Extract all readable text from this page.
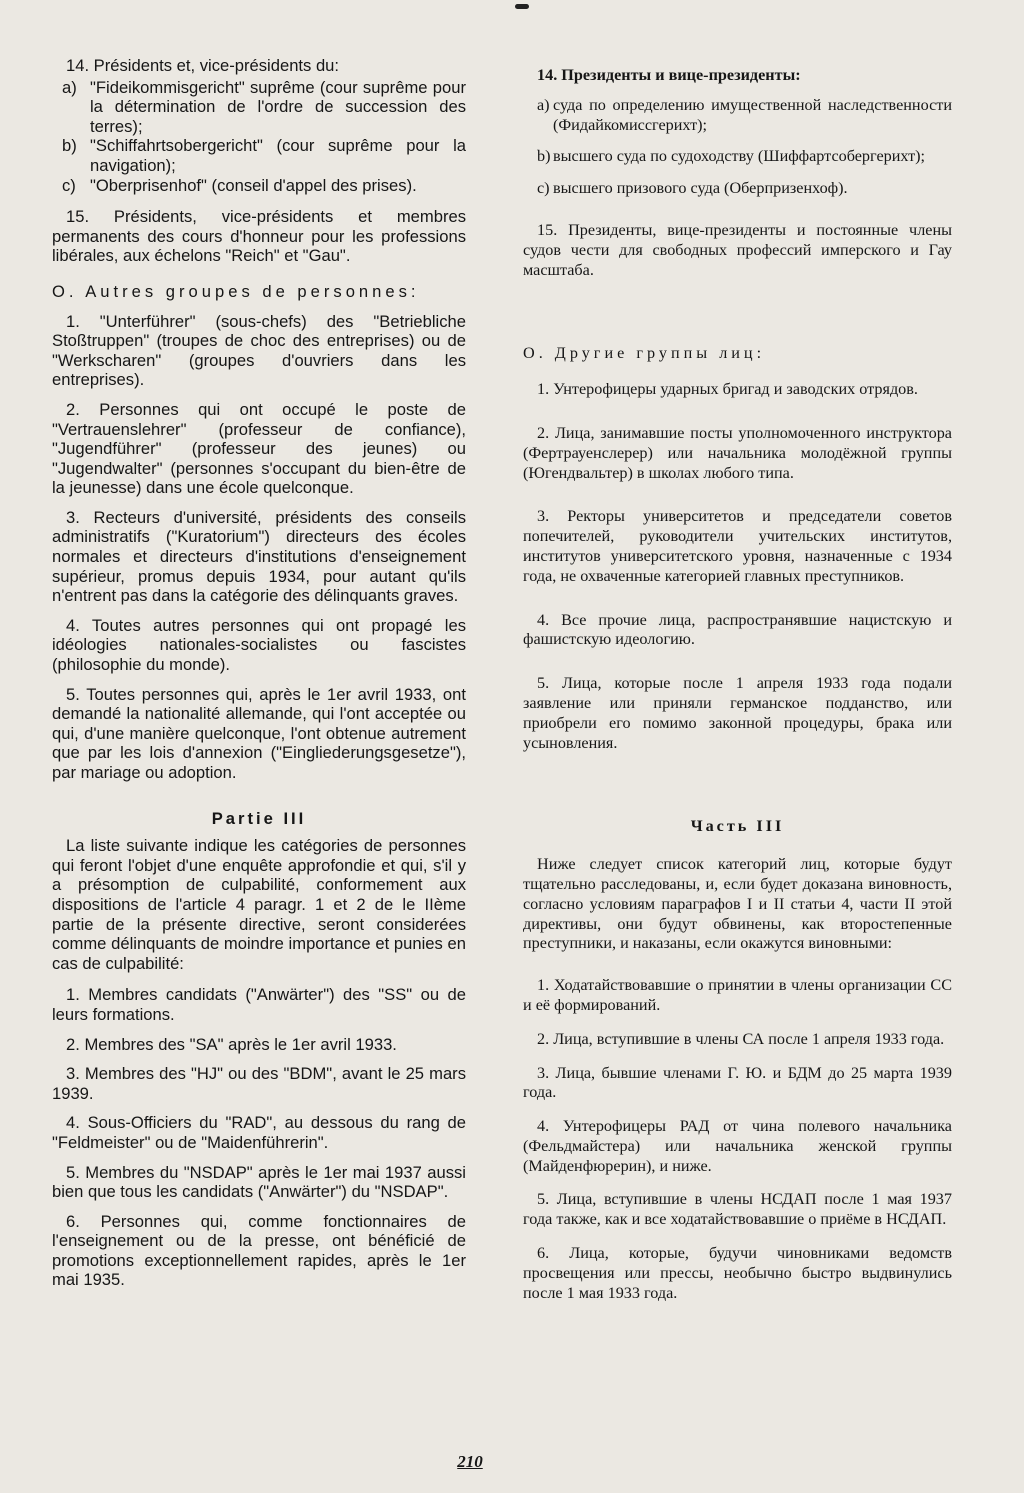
14. Présidents et, vice-présidents du:

a) "Fideikommisgericht" suprême (cour suprême pour la détermination de l'ordre de succession des terres);
b) "Schiffahrtsobergericht" (cour suprême pour la navigation);
c) "Oberprisenhof" (conseil d'appel des prises).

15. Présidents, vice-présidents et membres permanents des cours d'honneur pour les professions libérales, aux échelons "Reich" et "Gau".

O. Autres groupes de personnes:

1. "Unterführer" (sous-chefs) des "Betriebliche Stoßtruppen" (troupes de choc des entreprises) ou de "Werkscharen" (groupes d'ouvriers dans les entreprises).

2. Personnes qui ont occupé le poste de "Vertrauenslehrer" (professeur de confiance), "Jugendführer" (professeur des jeunes) ou "Jugendwalter" (personnes s'occupant du bien-être de la jeunesse) dans une école quelconque.

3. Recteurs d'université, présidents des conseils administratifs ("Kuratorium") directeurs des écoles normales et directeurs d'institutions d'enseignement supérieur, promus depuis 1934, pour autant qu'ils n'entrent pas dans la catégorie des délinquants graves.

4. Toutes autres personnes qui ont propagé les idéologies nationales-socialistes ou fascistes (philosophie du monde).

5. Toutes personnes qui, après le 1er avril 1933, ont demandé la nationalité allemande, qui l'ont acceptée ou qui, d'une manière quelconque, l'ont obtenue autrement que par les lois d'annexion ("Eingliederungsgesetze"), par mariage ou adoption.

Partie III

La liste suivante indique les catégories de personnes qui feront l'objet d'une enquête approfondie et qui, s'il y a présomption de culpabilité, conformement aux dispositions de l'article 4 paragr. 1 et 2 de le IIème partie de la présente directive, seront considerées comme délinquants de moindre importance et punies en cas de culpabilité:

1. Membres candidats ("Anwärter") des "SS" ou de leurs formations.

2. Membres des "SA" après le 1er avril 1933.

3. Membres des "HJ" ou des "BDM", avant le 25 mars 1939.

4. Sous-Officiers du "RAD", au dessous du rang de "Feldmeister" ou de "Maidenführerin".

5. Membres du "NSDAP" après le 1er mai 1937 aussi bien que tous les candidats ("Anwärter") du "NSDAP".

6. Personnes qui, comme fonctionnaires de l'enseignement ou de la presse, ont bénéficié de promotions exceptionnellement rapides, après le 1er mai 1935.

14. Президенты и вице-президенты:

a) суда по определению имущественной наследственности (Фидайкомиссгерихт);
b) высшего суда по судоходству (Шиффартсобергерихт);
c) высшего призового суда (Оберпризенхоф).

15. Президенты, вице-президенты и постоянные члены судов чести для свободных профессий имперского и Гау масштаба.

О. Другие группы лиц:

1. Унтерофицеры ударных бригад и заводских отрядов.

2. Лица, занимавшие посты уполномоченного инструктора (Фертрауенслерер) или начальника молодёжной группы (Югендвальтер) в школах любого типа.

3. Ректоры университетов и председатели советов попечителей, руководители учительских институтов, институтов университетского уровня, назначенные с 1934 года, не охваченные категорией главных преступников.

4. Все прочие лица, распространявшие нацистскую и фашистскую идеологию.

5. Лица, которые после 1 апреля 1933 года подали заявление или приняли германское подданство, или приобрели его помимо законной процедуры, брака или усыновления.

Часть III

Ниже следует список категорий лиц, которые будут тщательно расследованы, и, если будет доказана виновность, согласно условиям параграфов I и II статьи 4, части II этой директивы, они будут обвинены, как второстепенные преступники, и наказаны, если окажутся виновными:

1. Ходатайствовавшие о принятии в члены организации СС и её формирований.

2. Лица, вступившие в члены СА после 1 апреля 1933 года.

3. Лица, бывшие членами Г. Ю. и БДМ до 25 марта 1939 года.

4. Унтерофицеры РАД от чина полевого начальника (Фельдмайстера) или начальника женской группы (Майденфюрерин), и ниже.

5. Лица, вступившие в члены НСДАП после 1 мая 1937 года также, как и все ходатайствовавшие о приёме в НСДАП.

6. Лица, которые, будучи чиновниками ведомств просвещения или прессы, необычно быстро выдвинулись после 1 мая 1933 года.

210
